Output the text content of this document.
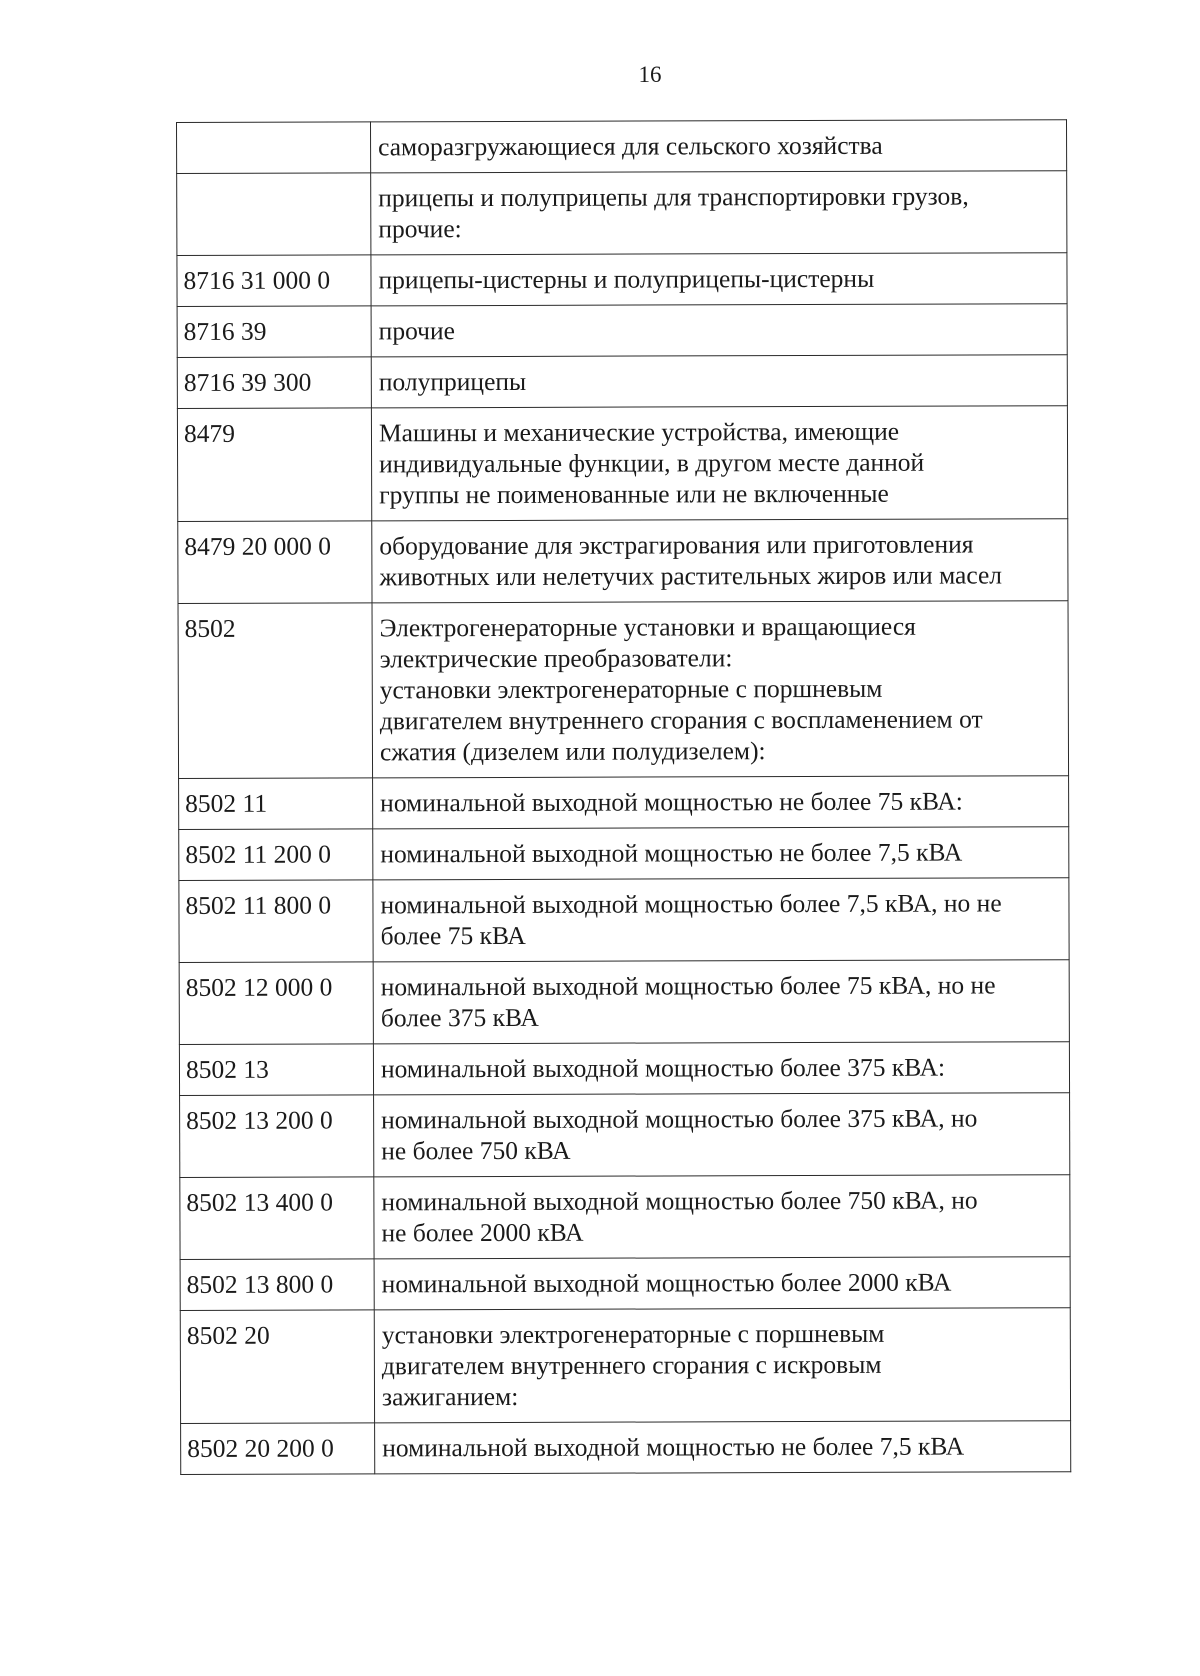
16
	саморазгружающиеся для сельского хозяйства
	прицепы и полуприцепы для транспортировки грузов,
прочие:
8716 31 000 0	прицепы-цистерны и полуприцепы-цистерны
8716 39	прочие
8716 39 300	полуприцепы
8479	Машины и механические устройства, имеющие
индивидуальные функции, в другом месте данной
группы не поименованные или не включенные
8479 20 000 0	оборудование для экстрагирования или приготовления
животных или нелетучих растительных жиров или масел
8502	Электрогенераторные установки и вращающиеся
электрические преобразователи:
установки электрогенераторные с поршневым
двигателем внутреннего сгорания с воспламенением от
сжатия (дизелем или полудизелем):
8502 11	номинальной выходной мощностью не более 75 кВА:
8502 11 200 0	номинальной выходной мощностью не более 7,5 кВА
8502 11 800 0	номинальной выходной мощностью более 7,5 кВА, но не
более 75 кВА
8502 12 000 0	номинальной выходной мощностью более 75 кВА, но не
более 375 кВА
8502 13	номинальной выходной мощностью более 375 кВА:
8502 13 200 0	номинальной выходной мощностью более 375 кВА, но
не более 750 кВА
8502 13 400 0	номинальной выходной мощностью более 750 кВА, но
не более 2000 кВА
8502 13 800 0	номинальной выходной мощностью более 2000 кВА
8502 20	установки электрогенераторные с поршневым
двигателем внутреннего сгорания с искровым
зажиганием:
8502 20 200 0	номинальной выходной мощностью не более 7,5 кВА
